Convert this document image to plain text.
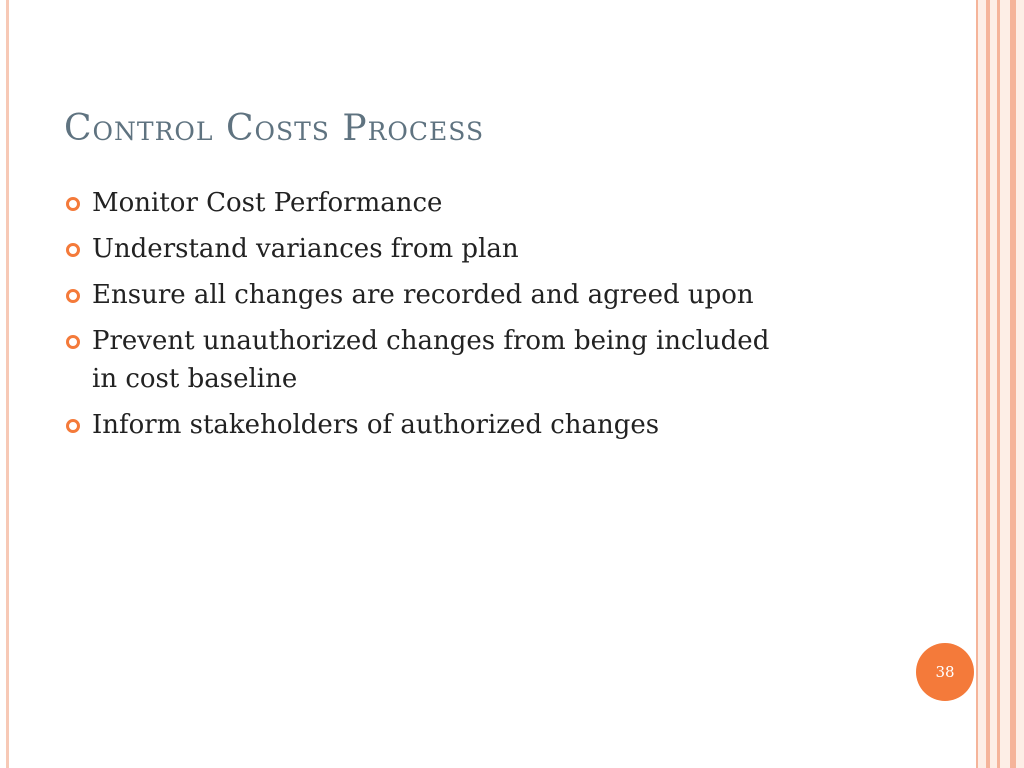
Control Costs Process
Monitor Cost Performance
Understand variances from plan
Ensure all changes are recorded and agreed upon
Prevent unauthorized changes from being included in cost baseline
Inform stakeholders of authorized changes
38
